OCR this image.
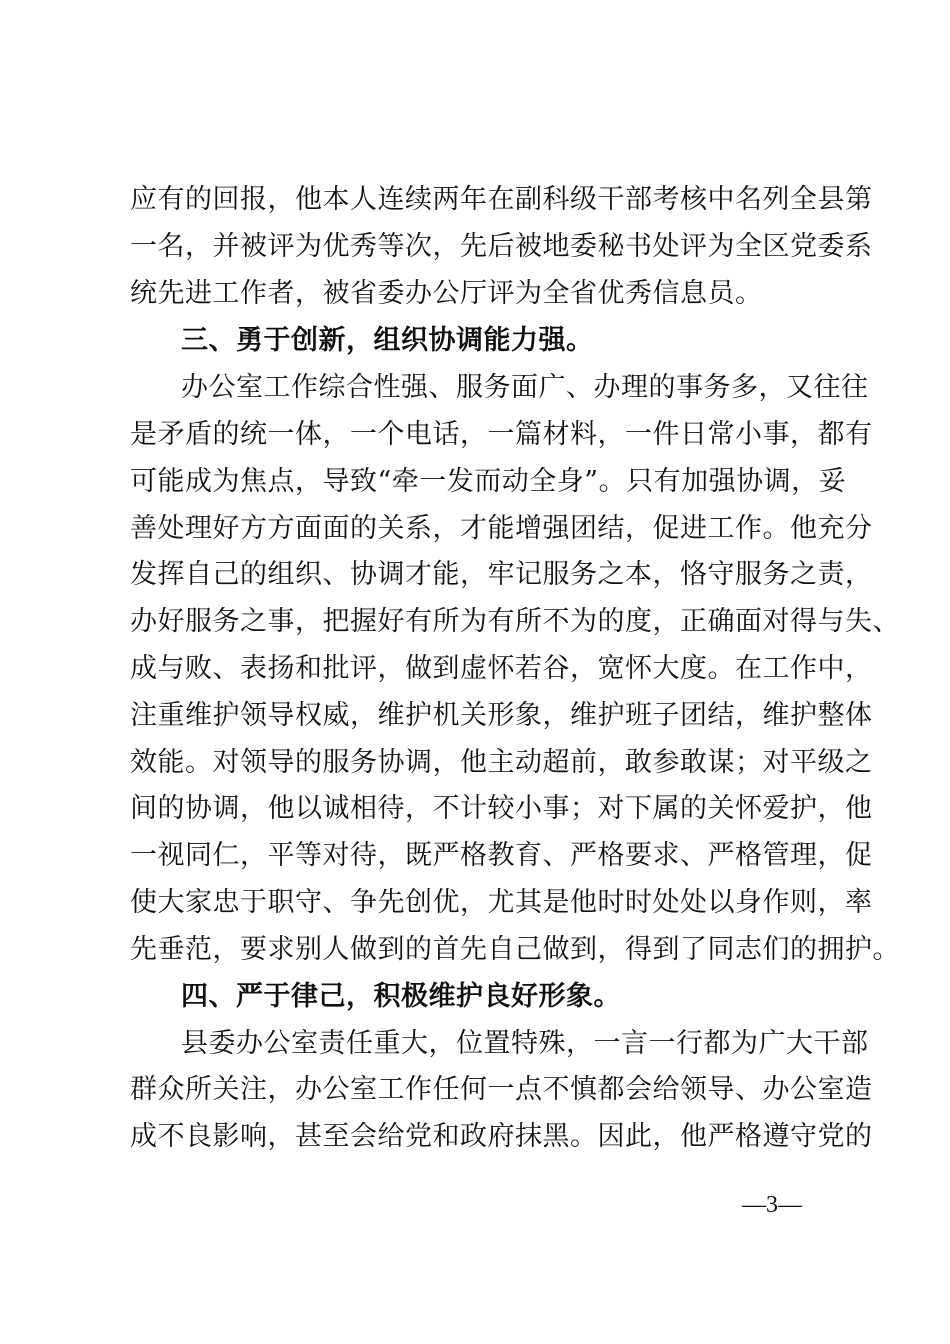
应有的回报，他本人连续两年在副科级干部考核中名列全县第
一名，并被评为优秀等次，先后被地委秘书处评为全区党委系
统先进工作者，被省委办公厅评为全省优秀信息员。
三、勇于创新，组织协调能力强。
办公室工作综合性强、服务面广、办理的事务多，又往往
是矛盾的统一体，一个电话，一篇材料，一件日常小事，都有
可能成为焦点，导致“牵一发而动全身”。只有加强协调，妥
善处理好方方面面的关系，才能增强团结，促进工作。他充分
发挥自己的组织、协调才能，牢记服务之本，恪守服务之责，
办好服务之事，把握好有所为有所不为的度，正确面对得与失、
成与败、表扬和批评，做到虚怀若谷，宽怀大度。在工作中，
注重维护领导权威，维护机关形象，维护班子团结，维护整体
效能。对领导的服务协调，他主动超前，敢参敢谋；对平级之
间的协调，他以诚相待，不计较小事；对下属的关怀爱护，他
一视同仁，平等对待，既严格教育、严格要求、严格管理，促
使大家忠于职守、争先创优，尤其是他时时处处以身作则，率
先垂范，要求别人做到的首先自己做到，得到了同志们的拥护。
四、严于律己，积极维护良好形象。
县委办公室责任重大，位置特殊，一言一行都为广大干部
群众所关注，办公室工作任何一点不慎都会给领导、办公室造
成不良影响，甚至会给党和政府抹黑。因此，他严格遵守党的
—3—
